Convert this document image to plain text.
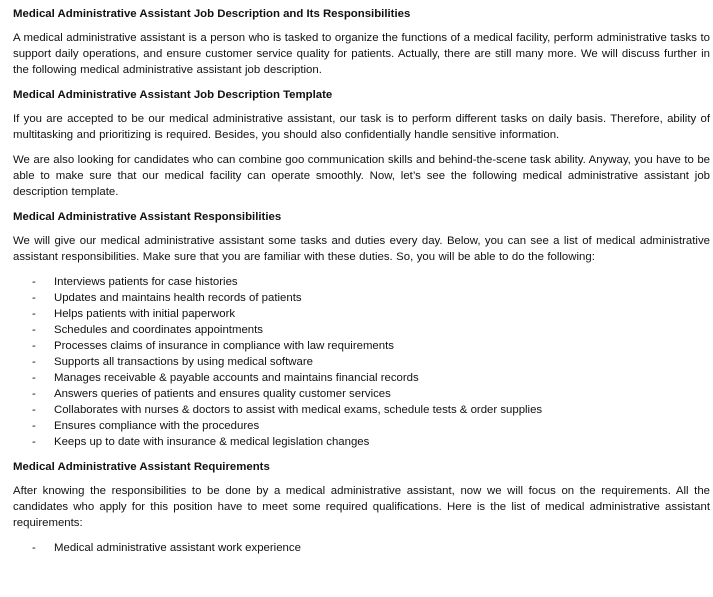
Medical Administrative Assistant Job Description and Its Responsibilities

A medical administrative assistant is a person who is tasked to organize the functions of a medical facility, perform administrative tasks to support daily operations, and ensure customer service quality for patients. Actually, there are still many more. We will discuss further in the following medical administrative assistant job description.

Medical Administrative Assistant Job Description Template

If you are accepted to be our medical administrative assistant, our task is to perform different tasks on daily basis. Therefore, ability of multitasking and prioritizing is required. Besides, you should also confidentially handle sensitive information.

We are also looking for candidates who can combine goo communication skills and behind-the-scene task ability. Anyway, you have to be able to make sure that our medical facility can operate smoothly. Now, let’s see the following medical administrative assistant job description template.

Medical Administrative Assistant Responsibilities

We will give our medical administrative assistant some tasks and duties every day. Below, you can see a list of medical administrative assistant responsibilities. Make sure that you are familiar with these duties. So, you will be able to do the following:

- Interviews patients for case histories
- Updates and maintains health records of patients
- Helps patients with initial paperwork
- Schedules and coordinates appointments
- Processes claims of insurance in compliance with law requirements
- Supports all transactions by using medical software
- Manages receivable & payable accounts and maintains financial records
- Answers queries of patients and ensures quality customer services
- Collaborates with nurses & doctors to assist with medical exams, schedule tests & order supplies
- Ensures compliance with the procedures
- Keeps up to date with insurance & medical legislation changes
Medical Administrative Assistant Requirements

After knowing the responsibilities to be done by a medical administrative assistant, now we will focus on the requirements. All the candidates who apply for this position have to meet some required qualifications. Here is the list of medical administrative assistant requirements:

- Medical administrative assistant work experience
